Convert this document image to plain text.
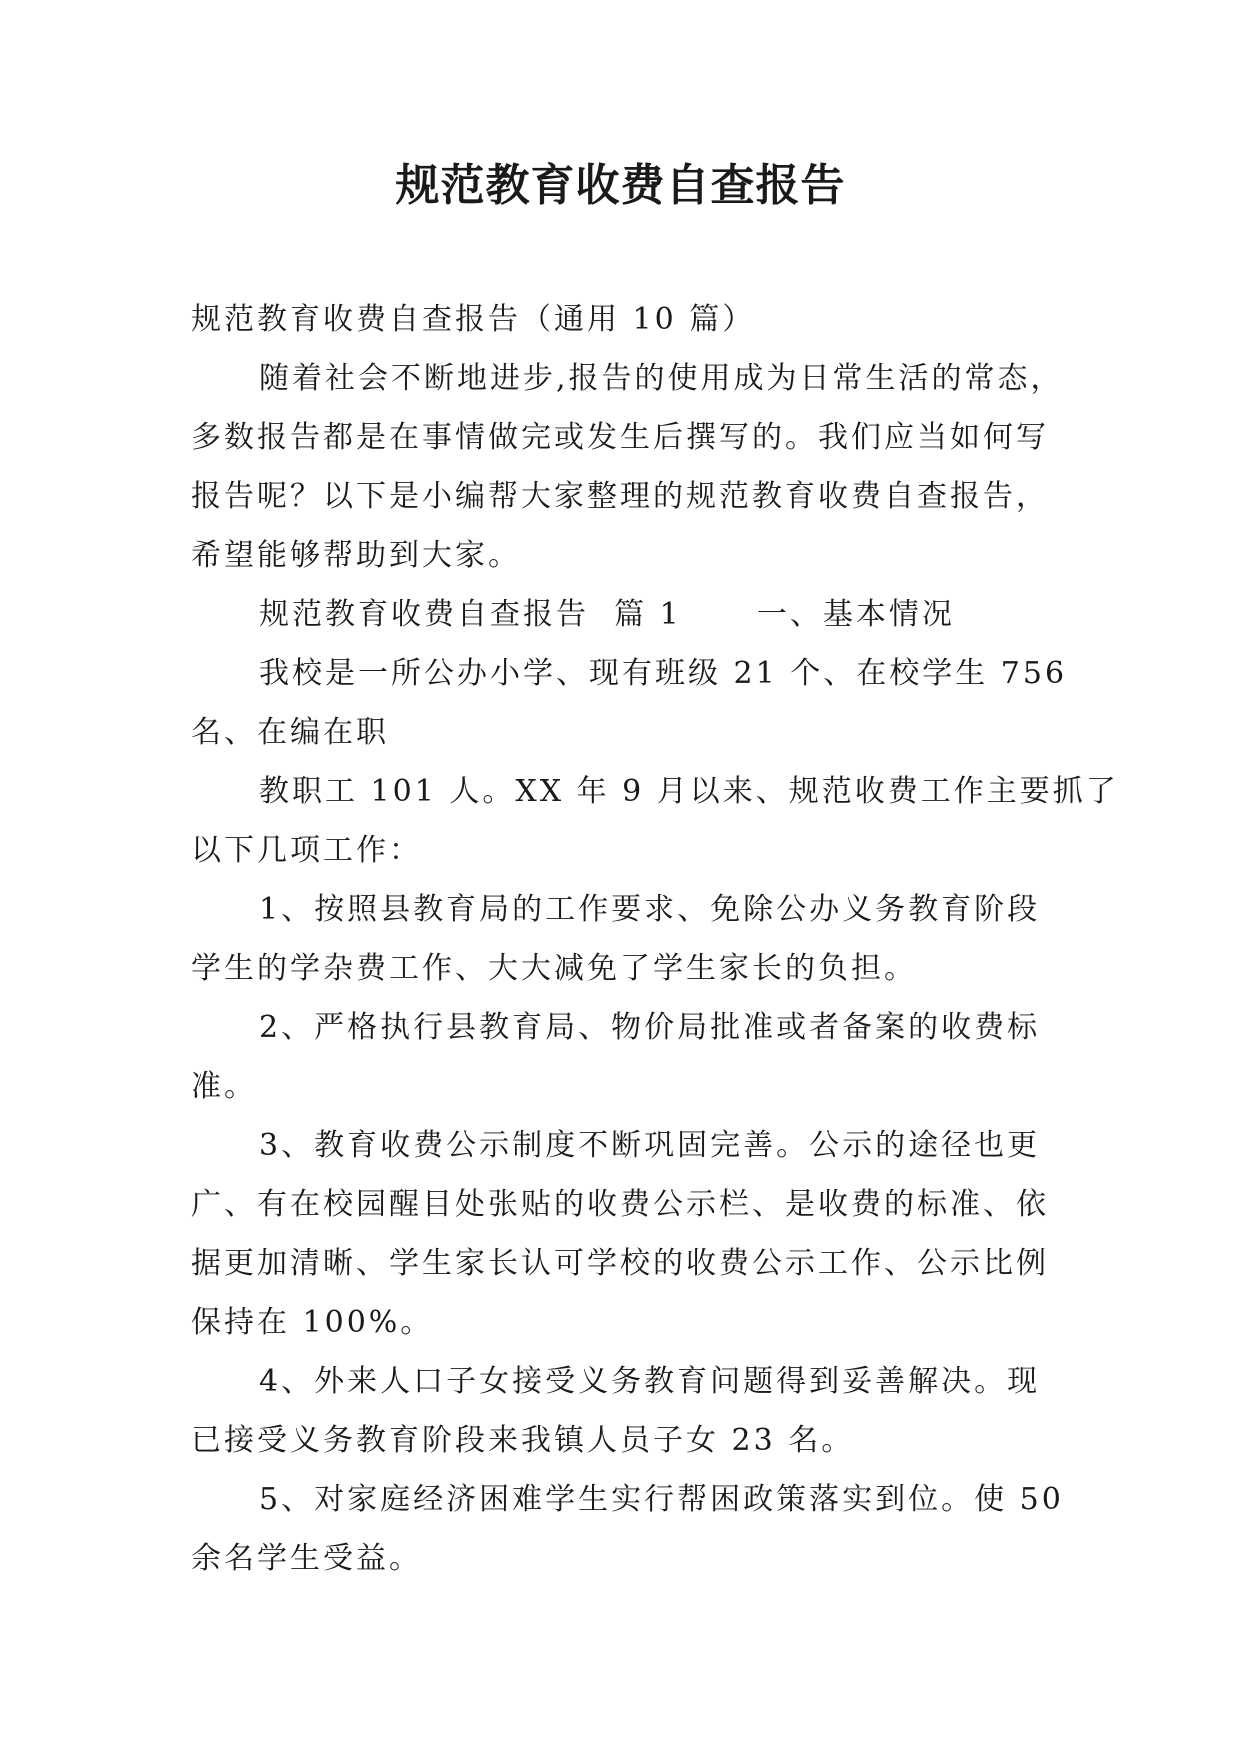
规范教育收费自查报告
规范教育收费自查报告（通用 10 篇）
随着社会不断地进步,报告的使用成为日常生活的常态，
多数报告都是在事情做完或发生后撰写的。我们应当如何写
报告呢？以下是小编帮大家整理的规范教育收费自查报告，
希望能够帮助到大家。
规范教育收费自查报告  篇 1      一、基本情况
我校是一所公办小学、现有班级 21 个、在校学生 756
名、在编在职
教职工 101 人。XX 年 9 月以来、规范收费工作主要抓了
以下几项工作：
1、按照县教育局的工作要求、免除公办义务教育阶段
学生的学杂费工作、大大减免了学生家长的负担。
2、严格执行县教育局、物价局批准或者备案的收费标
准。
3、教育收费公示制度不断巩固完善。公示的途径也更
广、有在校园醒目处张贴的收费公示栏、是收费的标准、依
据更加清晰、学生家长认可学校的收费公示工作、公示比例
保持在 100%。
4、外来人口子女接受义务教育问题得到妥善解决。现
已接受义务教育阶段来我镇人员子女 23 名。
5、对家庭经济困难学生实行帮困政策落实到位。使 50
余名学生受益。
